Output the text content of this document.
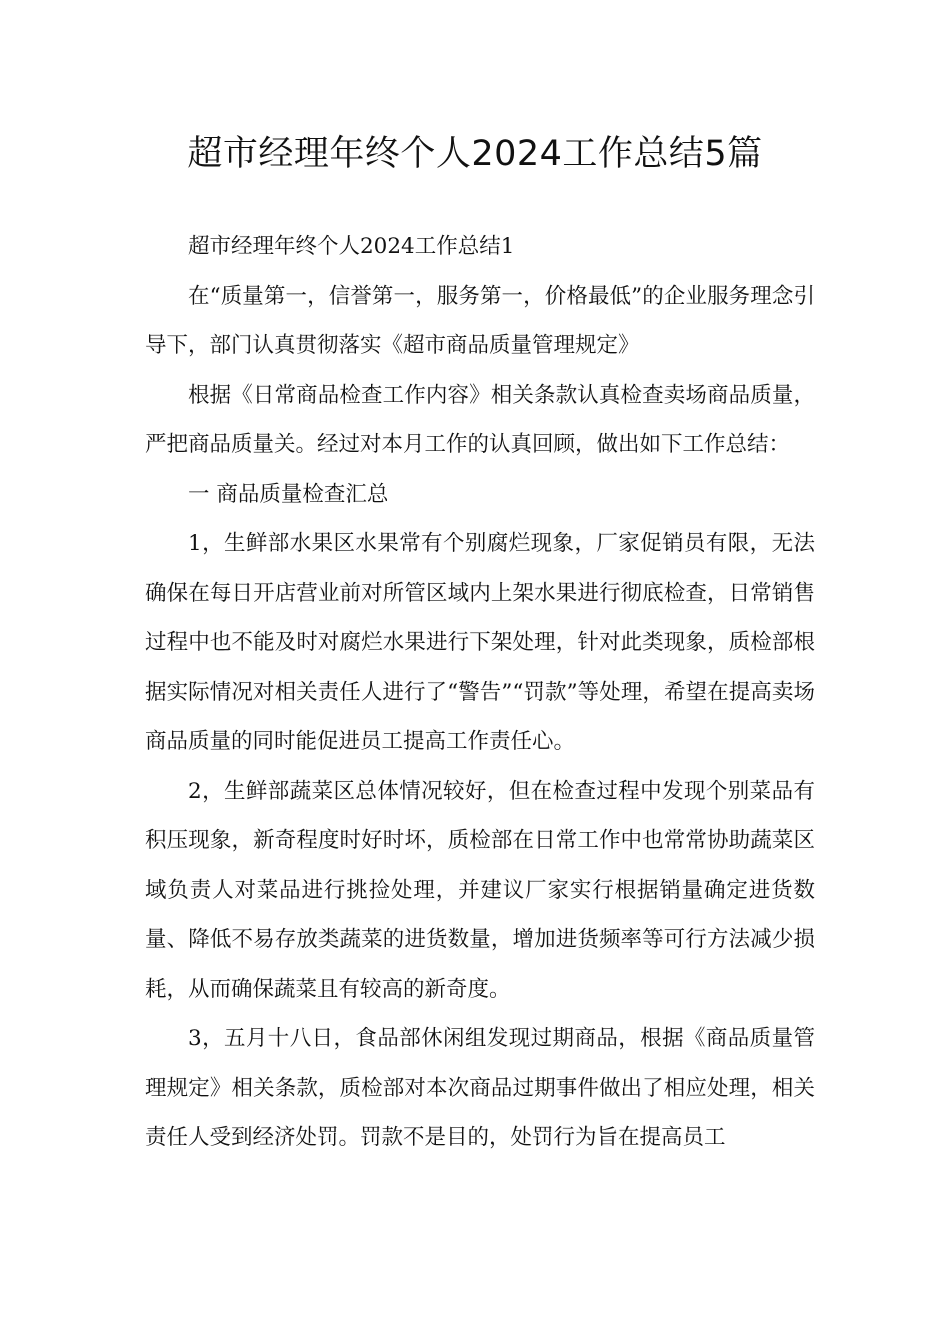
超市经理年终个人2024工作总结5篇

超市经理年终个人2024工作总结1

在“质量第一，信誉第一，服务第一，价格最低”的企业服务理念引导下，部门认真贯彻落实《超市商品质量管理规定》

根据《日常商品检查工作内容》相关条款认真检查卖场商品质量，严把商品质量关。经过对本月工作的认真回顾，做出如下工作总结：

一 商品质量检查汇总

1，生鲜部水果区水果常有个别腐烂现象，厂家促销员有限，无法确保在每日开店营业前对所管区域内上架水果进行彻底检查，日常销售过程中也不能及时对腐烂水果进行下架处理，针对此类现象，质检部根据实际情况对相关责任人进行了“警告”“罚款”等处理，希望在提高卖场商品质量的同时能促进员工提高工作责任心。

2，生鲜部蔬菜区总体情况较好，但在检查过程中发现个别菜品有积压现象，新奇程度时好时坏，质检部在日常工作中也常常协助蔬菜区域负责人对菜品进行挑捡处理，并建议厂家实行根据销量确定进货数量、降低不易存放类蔬菜的进货数量，增加进货频率等可行方法减少损耗，从而确保蔬菜且有较高的新奇度。

3，五月十八日，食品部休闲组发现过期商品，根据《商品质量管理规定》相关条款，质检部对本次商品过期事件做出了相应处理，相关责任人受到经济处罚。罚款不是目的，处罚行为旨在提高员工
